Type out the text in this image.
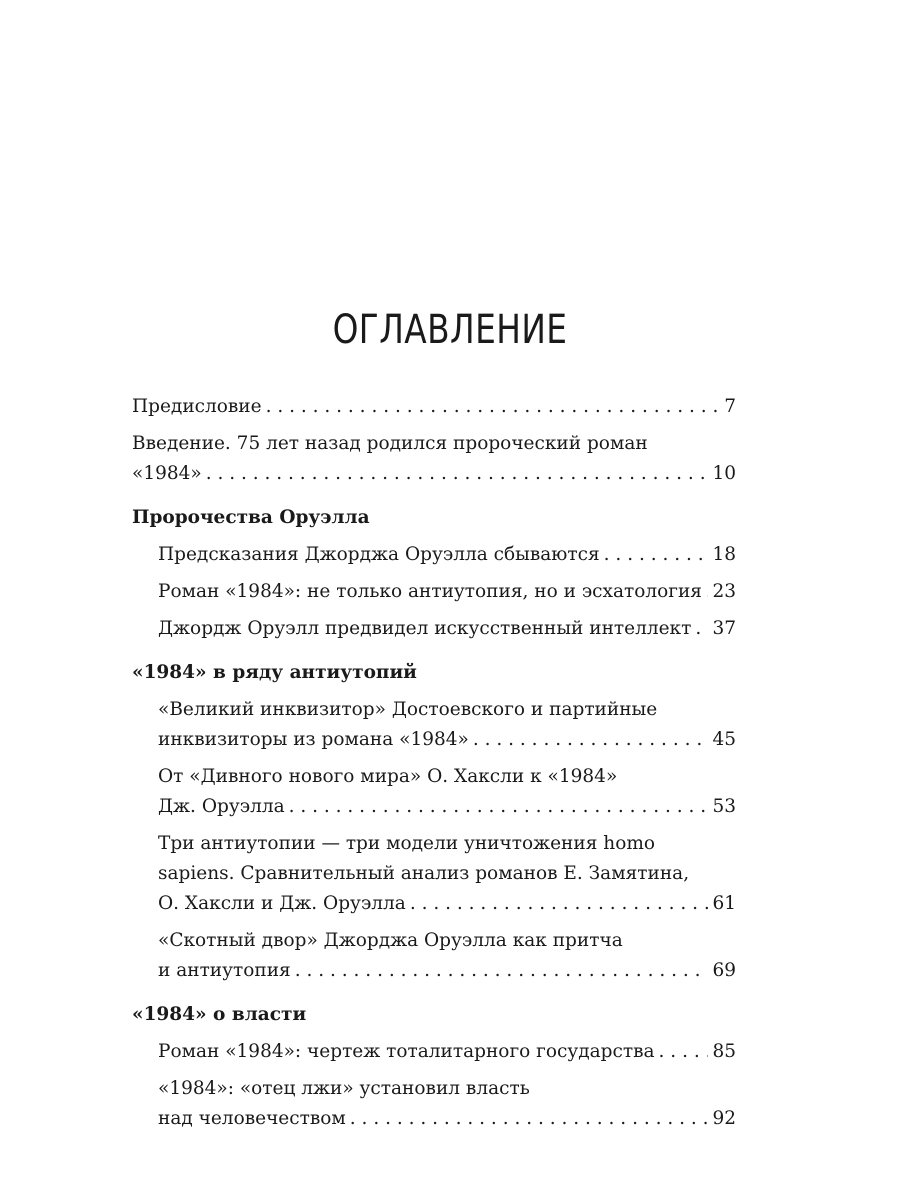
ОГЛАВЛЕНИЕ
Предисловие . . .	7
Введение. 75 лет назад родился пророческий роман
«1984» . . .	10
Пророчества Оруэлла
Предсказания Джорджа Оруэлла сбываются . . .	18
Роман «1984»: не только антиутопия, но и эсхатология . . . 23
Джордж Оруэлл предвидел искусственный интеллект . . . 37
«1984» в ряду антиутопий
«Великий инквизитор» Достоевского и партийные
инквизиторы из романа «1984» . . .	45
От «Дивного нового мира» О. Хаксли к «1984»
Дж. Оруэлла . . .	53
Три антиутопии — три модели уничтожения homo
sapiens. Сравнительный анализ романов Е. Замятина,
О. Хаксли и Дж. Оруэлла . . .	61
«Скотный двор» Джорджа Оруэлла как притча
и антиутопия . . .	69
«1984» о власти
Роман «1984»: чертеж тоталитарного государства . . .	85
«1984»: «отец лжи» установил власть
над человечеством . . .	92
